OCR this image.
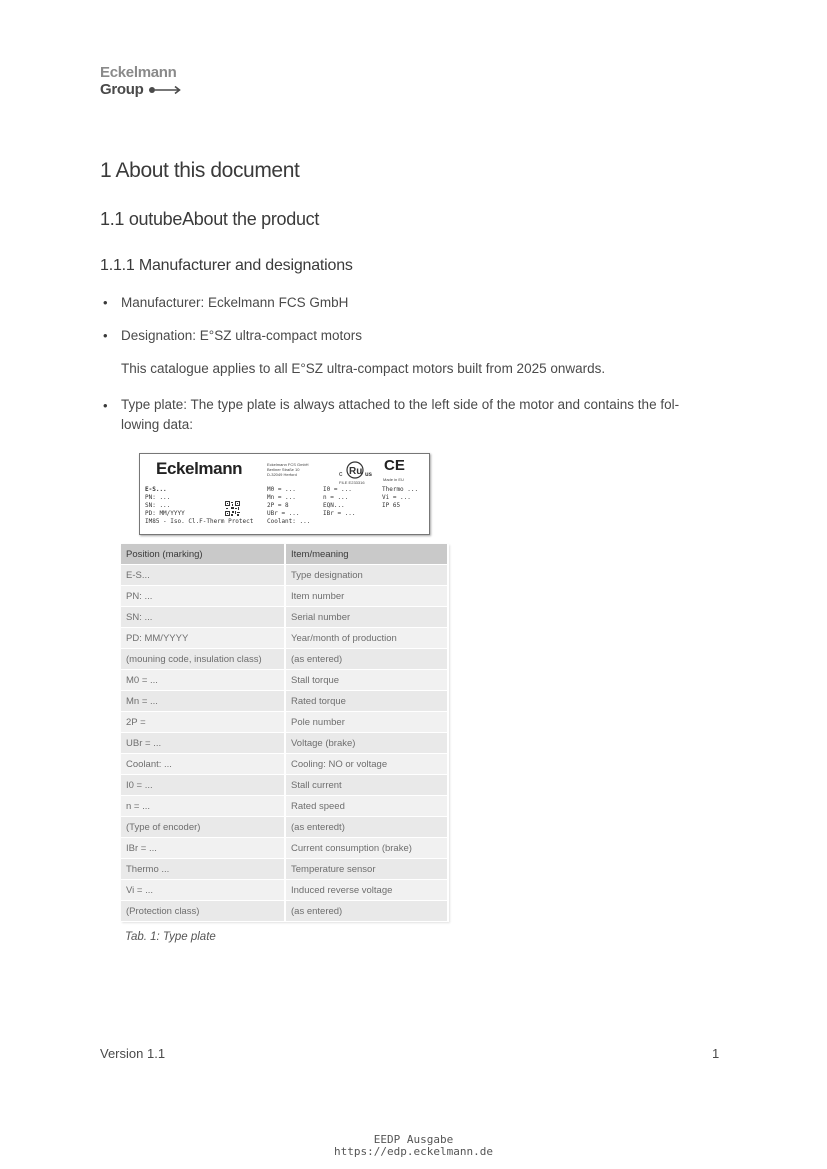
Eckelmann
Group
1 About this document
1.1 outubeAbout the product
1.1.1 Manufacturer and designations
• Manufacturer: Eckelmann FCS GmbH
• Designation: E°SZ ultra-compact motors
This catalogue applies to all E°SZ ultra-compact motors built from 2025 onwards.
• Type plate: The type plate is always attached to the left side of the motor and contains the fol-lowing data:
Eckelmann	Eckelmann FCS GmbH
Berliner Straße 10
D-32049 Herford	c Ru us
FILE E233316
CE
Made in EU
E-S...
PN: ...
SN: ...
PD: MM/YYYY
IM85 - Iso. Cl.F-Therm Protect
M0 = ...
Mn = ...
2P = 8
UBr = ...
Coolant: ...
I0 = ...
n = ...
EQN...
IBr = ...
Thermo ...
Vi = ...
IP 65
Position (marking)	Item/meaning
E-S...	Type designation
PN: ...	Item number
SN: ...	Serial number
PD: MM/YYYY	Year/month of production
(mouning code, insulation class)	(as entered)
M0 = ...	Stall torque
Mn = ...	Rated torque
2P =	Pole number
UBr = ...	Voltage (brake)
Coolant: ...	Cooling: NO or voltage
I0 = ...	Stall current
n = ...	Rated speed
(Type of encoder)	(as enteredt)
IBr = ...	Current consumption (brake)
Thermo ...	Temperature sensor
Vi = ...	Induced reverse voltage
(Protection class)	(as entered)
Tab. 1: Type plate
Version 1.1	1
EEDP Ausgabe
https://edp.eckelmann.de
